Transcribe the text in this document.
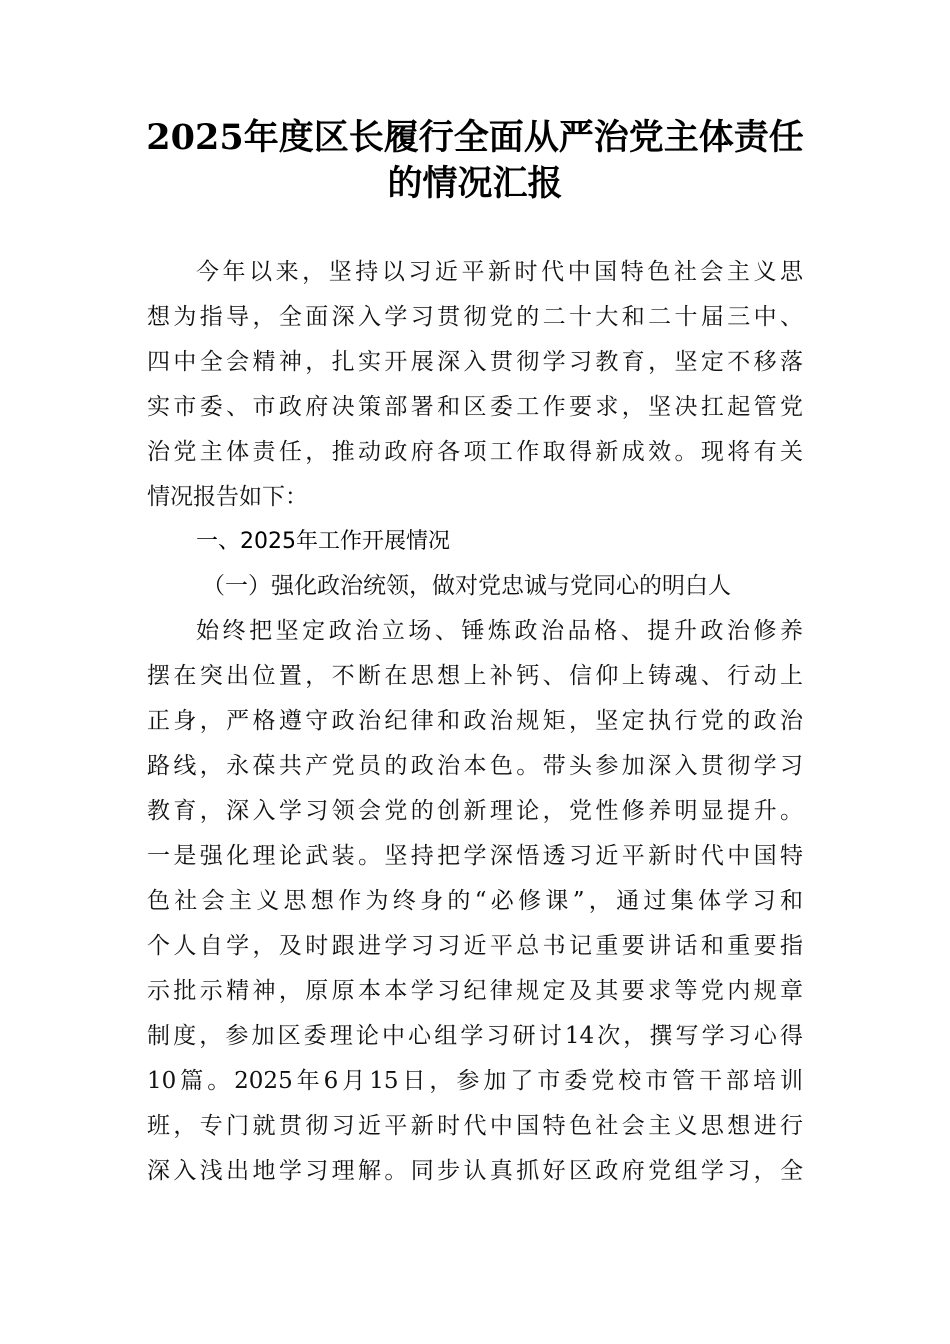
2025年度区长履行全面从严治党主体责任
的情况汇报
今年以来，坚持以习近平新时代中国特色社会主义思
想为指导，全面深入学习贯彻党的二十大和二十届三中、
四中全会精神，扎实开展深入贯彻学习教育，坚定不移落
实市委、市政府决策部署和区委工作要求，坚决扛起管党
治党主体责任，推动政府各项工作取得新成效。现将有关
情况报告如下：
一、2025年工作开展情况
（一）强化政治统领，做对党忠诚与党同心的明白人
始终把坚定政治立场、锤炼政治品格、提升政治修养
摆在突出位置，不断在思想上补钙、信仰上铸魂、行动上
正身，严格遵守政治纪律和政治规矩，坚定执行党的政治
路线，永葆共产党员的政治本色。带头参加深入贯彻学习
教育，深入学习领会党的创新理论，党性修养明显提升。
一是强化理论武装。坚持把学深悟透习近平新时代中国特
色社会主义思想作为终身的“必修课”，通过集体学习和
个人自学，及时跟进学习习近平总书记重要讲话和重要指
示批示精神，原原本本学习纪律规定及其要求等党内规章
制度，参加区委理论中心组学习研讨14次，撰写学习心得
10篇。2025年6月15日，参加了市委党校市管干部培训
班，专门就贯彻习近平新时代中国特色社会主义思想进行
深入浅出地学习理解。同步认真抓好区政府党组学习，全
